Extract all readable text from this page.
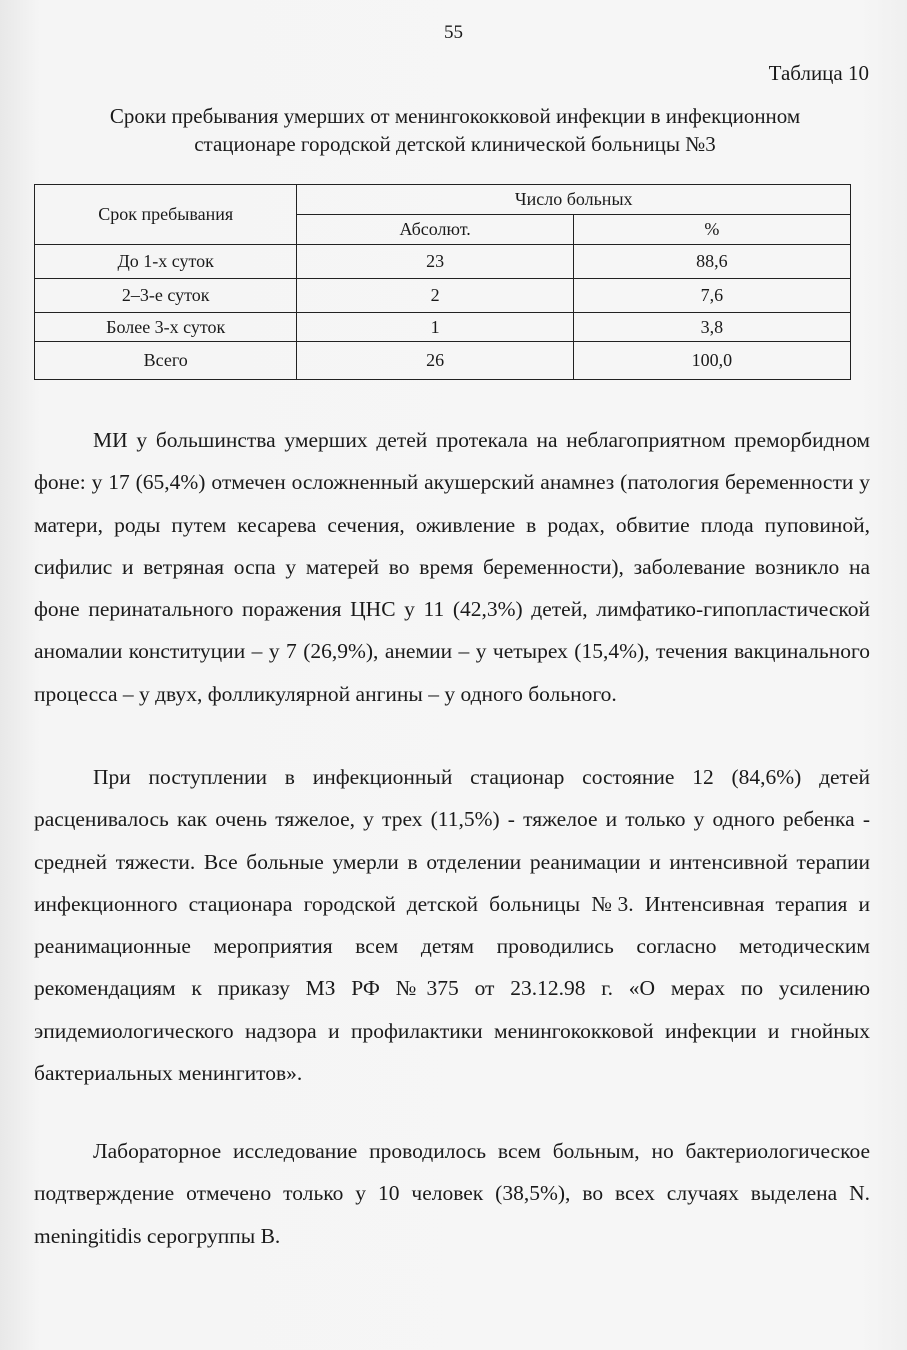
55
Таблица 10
Сроки пребывания умерших от менингококковой инфекции в инфекционном
стационаре городской детской клинической больницы №3
Срок пребывания	Число больных	
	Абсолют.	%
До 1-х суток	23	88,6
2–3-е суток	2	7,6
Более 3-х суток	1	3,8
Всего	26	100,0

МИ у большинства умерших детей протекала на неблагоприятном преморбидном фоне: у 17 (65,4%) отмечен осложненный акушерский анамнез (патология беременности у матери, роды путем кесарева сечения, оживление в родах, обвитие плода пуповиной, сифилис и ветряная оспа у матерей во время беременности), заболевание возникло на фоне перинатального поражения ЦНС у 11 (42,3%) детей, лимфатико-гипопластической аномалии конституции – у 7 (26,9%), анемии – у четырех (15,4%), течения вакцинального процесса – у двух, фолликулярной ангины – у одного больного.

При поступлении в инфекционный стационар состояние 12 (84,6%) детей расценивалось как очень тяжелое, у трех (11,5%) - тяжелое и только у одного ребенка - средней тяжести. Все больные умерли в отделении реанимации и интенсивной терапии инфекционного стационара городской детской больницы №3. Интенсивная терапия и реанимационные мероприятия всем детям проводились согласно методическим рекомендациям к приказу МЗ РФ №375 от 23.12.98 г. «О мерах по усилению эпидемиологического надзора и профилактики менингококковой инфекции и гнойных бактериальных менингитов».

Лабораторное исследование проводилось всем больным, но бактериологическое подтверждение отмечено только у 10 человек (38,5%), во всех случаях выделена N. meningitidis серогруппы В.
